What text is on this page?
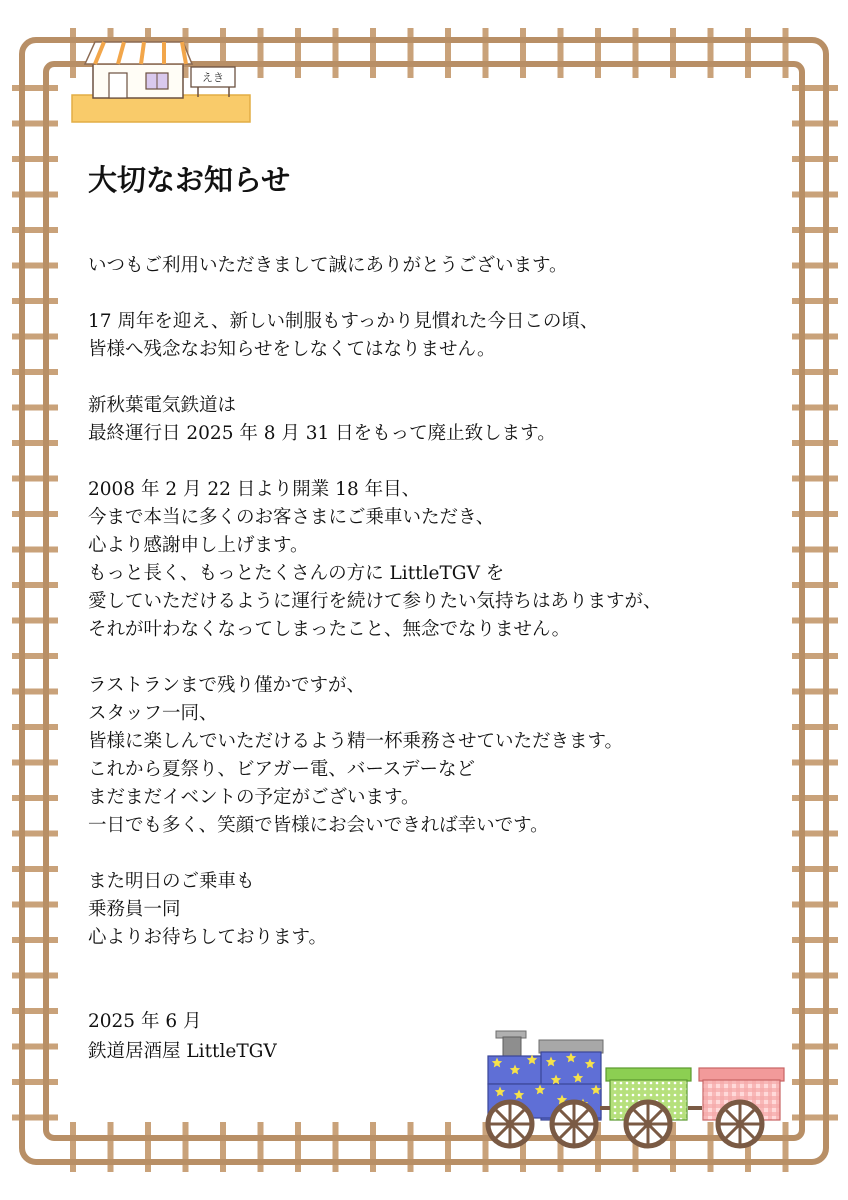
えき
大切なお知らせ
いつもご利用いただきまして誠にありがとうございます。
17 周年を迎え、新しい制服もすっかり見慣れた今日この頃、
皆様へ残念なお知らせをしなくてはなりません。
新秋葉電気鉄道は
最終運行日 2025 年 8 月 31 日をもって廃止致します。
2008 年 2 月 22 日より開業 18 年目、
今まで本当に多くのお客さまにご乗車いただき、
心より感謝申し上げます。
もっと長く、もっとたくさんの方に LittleTGV を
愛していただけるように運行を続けて参りたい気持ちはありますが、
それが叶わなくなってしまったこと、無念でなりません。
ラストランまで残り僅かですが、
スタッフ一同、
皆様に楽しんでいただけるよう精一杯乗務させていただきます。
これから夏祭り、ビアガー電、バースデーなど
まだまだイベントの予定がございます。
一日でも多く、笑顔で皆様にお会いできれば幸いです。
また明日のご乗車も
乗務員一同
心よりお待ちしております。
2025 年 6 月
鉄道居酒屋 LittleTGV
